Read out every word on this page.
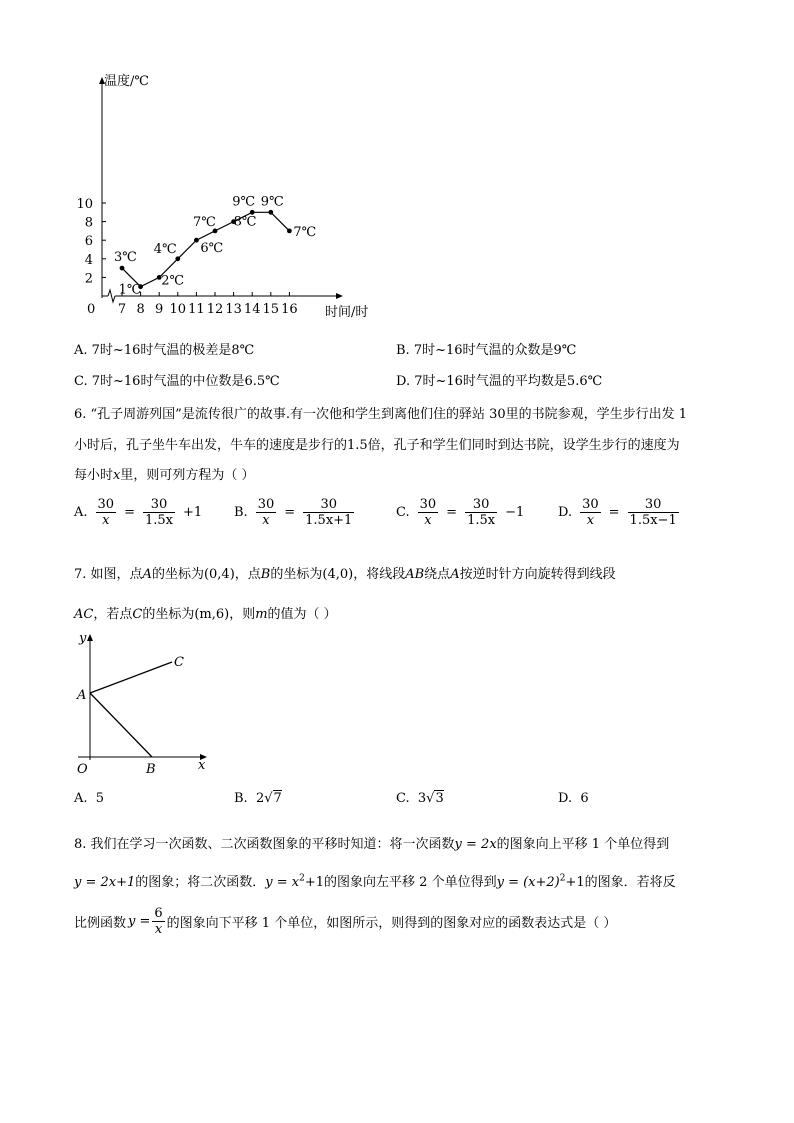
2
4
6
8
10
7 8 9 10 11 12 13 14 15 16
3℃
1℃
2℃
4℃ 6℃
7℃ 8℃
9℃ 9℃
7℃
温度/℃
时间/时
0
A. 7时~16时气温的极差是8℃	B. 7时~16时气温的众数是9℃
C. 7时~16时气温的中位数是6.5℃	D. 7时~16时气温的平均数是5.6℃
6. “孔子周游列国”是流传很广的故事.有一次他和学生到离他们住的驿站 30里的书院参观，学生步行出发 1
小时后，孔子坐牛车出发，牛车的速度是步行的1.5倍，孔子和学生们同时到达书院，设学生步行的速度为
每小时x里，则可列方程为（ ）
A. $\frac{30}{x} = \frac{30}{1.5x} +1$ B. $\frac{30}{x} = \frac{30}{1.5x+1}$	C. $\frac{30}{x} = \frac{30}{1.5x} -1$	D. $\frac{30}{x} = \frac{30}{1.5x-1}$
7. 如图，点A的坐标为(0,4)，点B的坐标为(4,0)，将线段AB绕点A按逆时针方向旋转得到线段
AC，若点C的坐标为(m,6)，则m的值为（ ）
y
x
O
A
B
C
A. 5	B. 2√7	C. 3√3	D. 6
8. 我们在学习一次函数、二次函数图象的平移时知道：将一次函数y = 2x的图象向上平移 1 个单位得到
y = 2x+1的图象；将二次函数．$y = x^2+1$的图象向左平移 2 个单位得到$y = (x+2)^2+1$的图象．若将反
比例函数 $y = \frac{6}{x}$ 的图象向下平移 1 个单位，如图所示，则得到的图象对应的函数表达式是（ ）
